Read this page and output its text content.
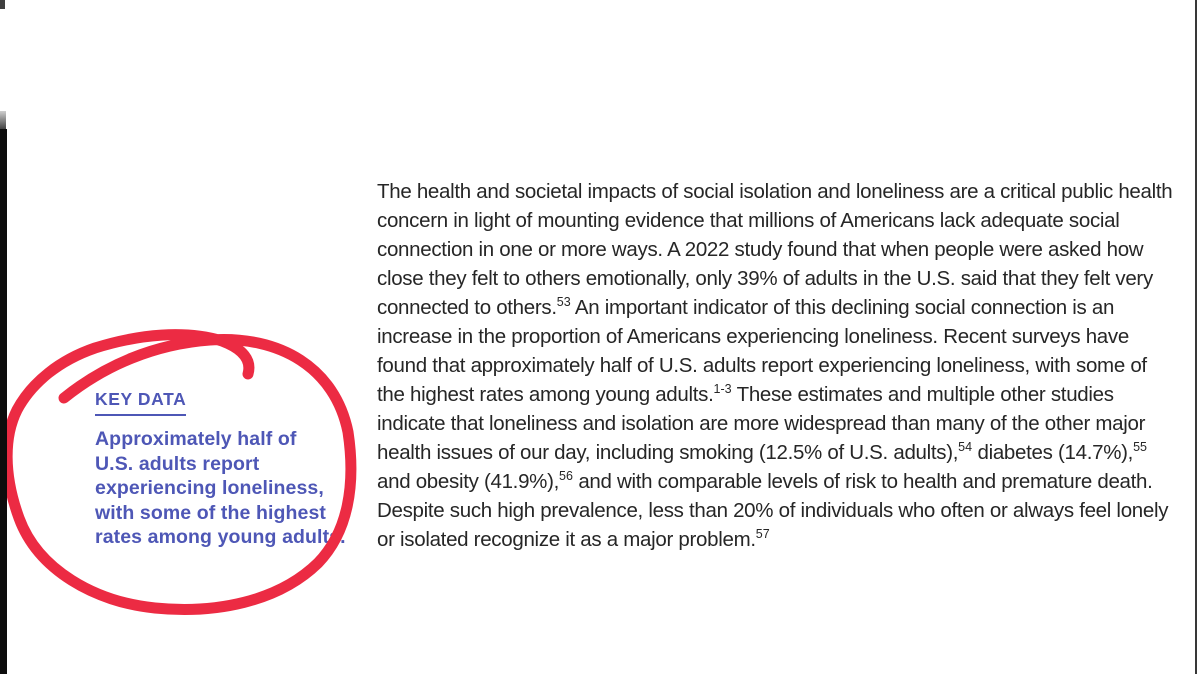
The health and societal impacts of social isolation and loneliness are a critical public health concern in light of mounting evidence that millions of Americans lack adequate social connection in one or more ways. A 2022 study found that when people were asked how close they felt to others emotionally, only 39% of adults in the U.S. said that they felt very connected to others.$^{53}$ An important indicator of this declining social connection is an increase in the proportion of Americans experiencing loneliness. Recent surveys have found that approximately half of U.S. adults report experiencing loneliness, with some of the highest rates among young adults.$^{1-3}$ These estimates and multiple other studies indicate that loneliness and isolation are more widespread than many of the other major health issues of our day, including smoking (12.5% of U.S. adults),$^{54}$ diabetes (14.7%),$^{55}$ and obesity (41.9%),$^{56}$ and with comparable levels of risk to health and premature death. Despite such high prevalence, less than 20% of individuals who often or always feel lonely or isolated recognize it as a major problem.$^{57}$

KEY DATA
Approximately half of
U.S. adults report
experiencing loneliness,
with some of the highest
rates among young adults.
